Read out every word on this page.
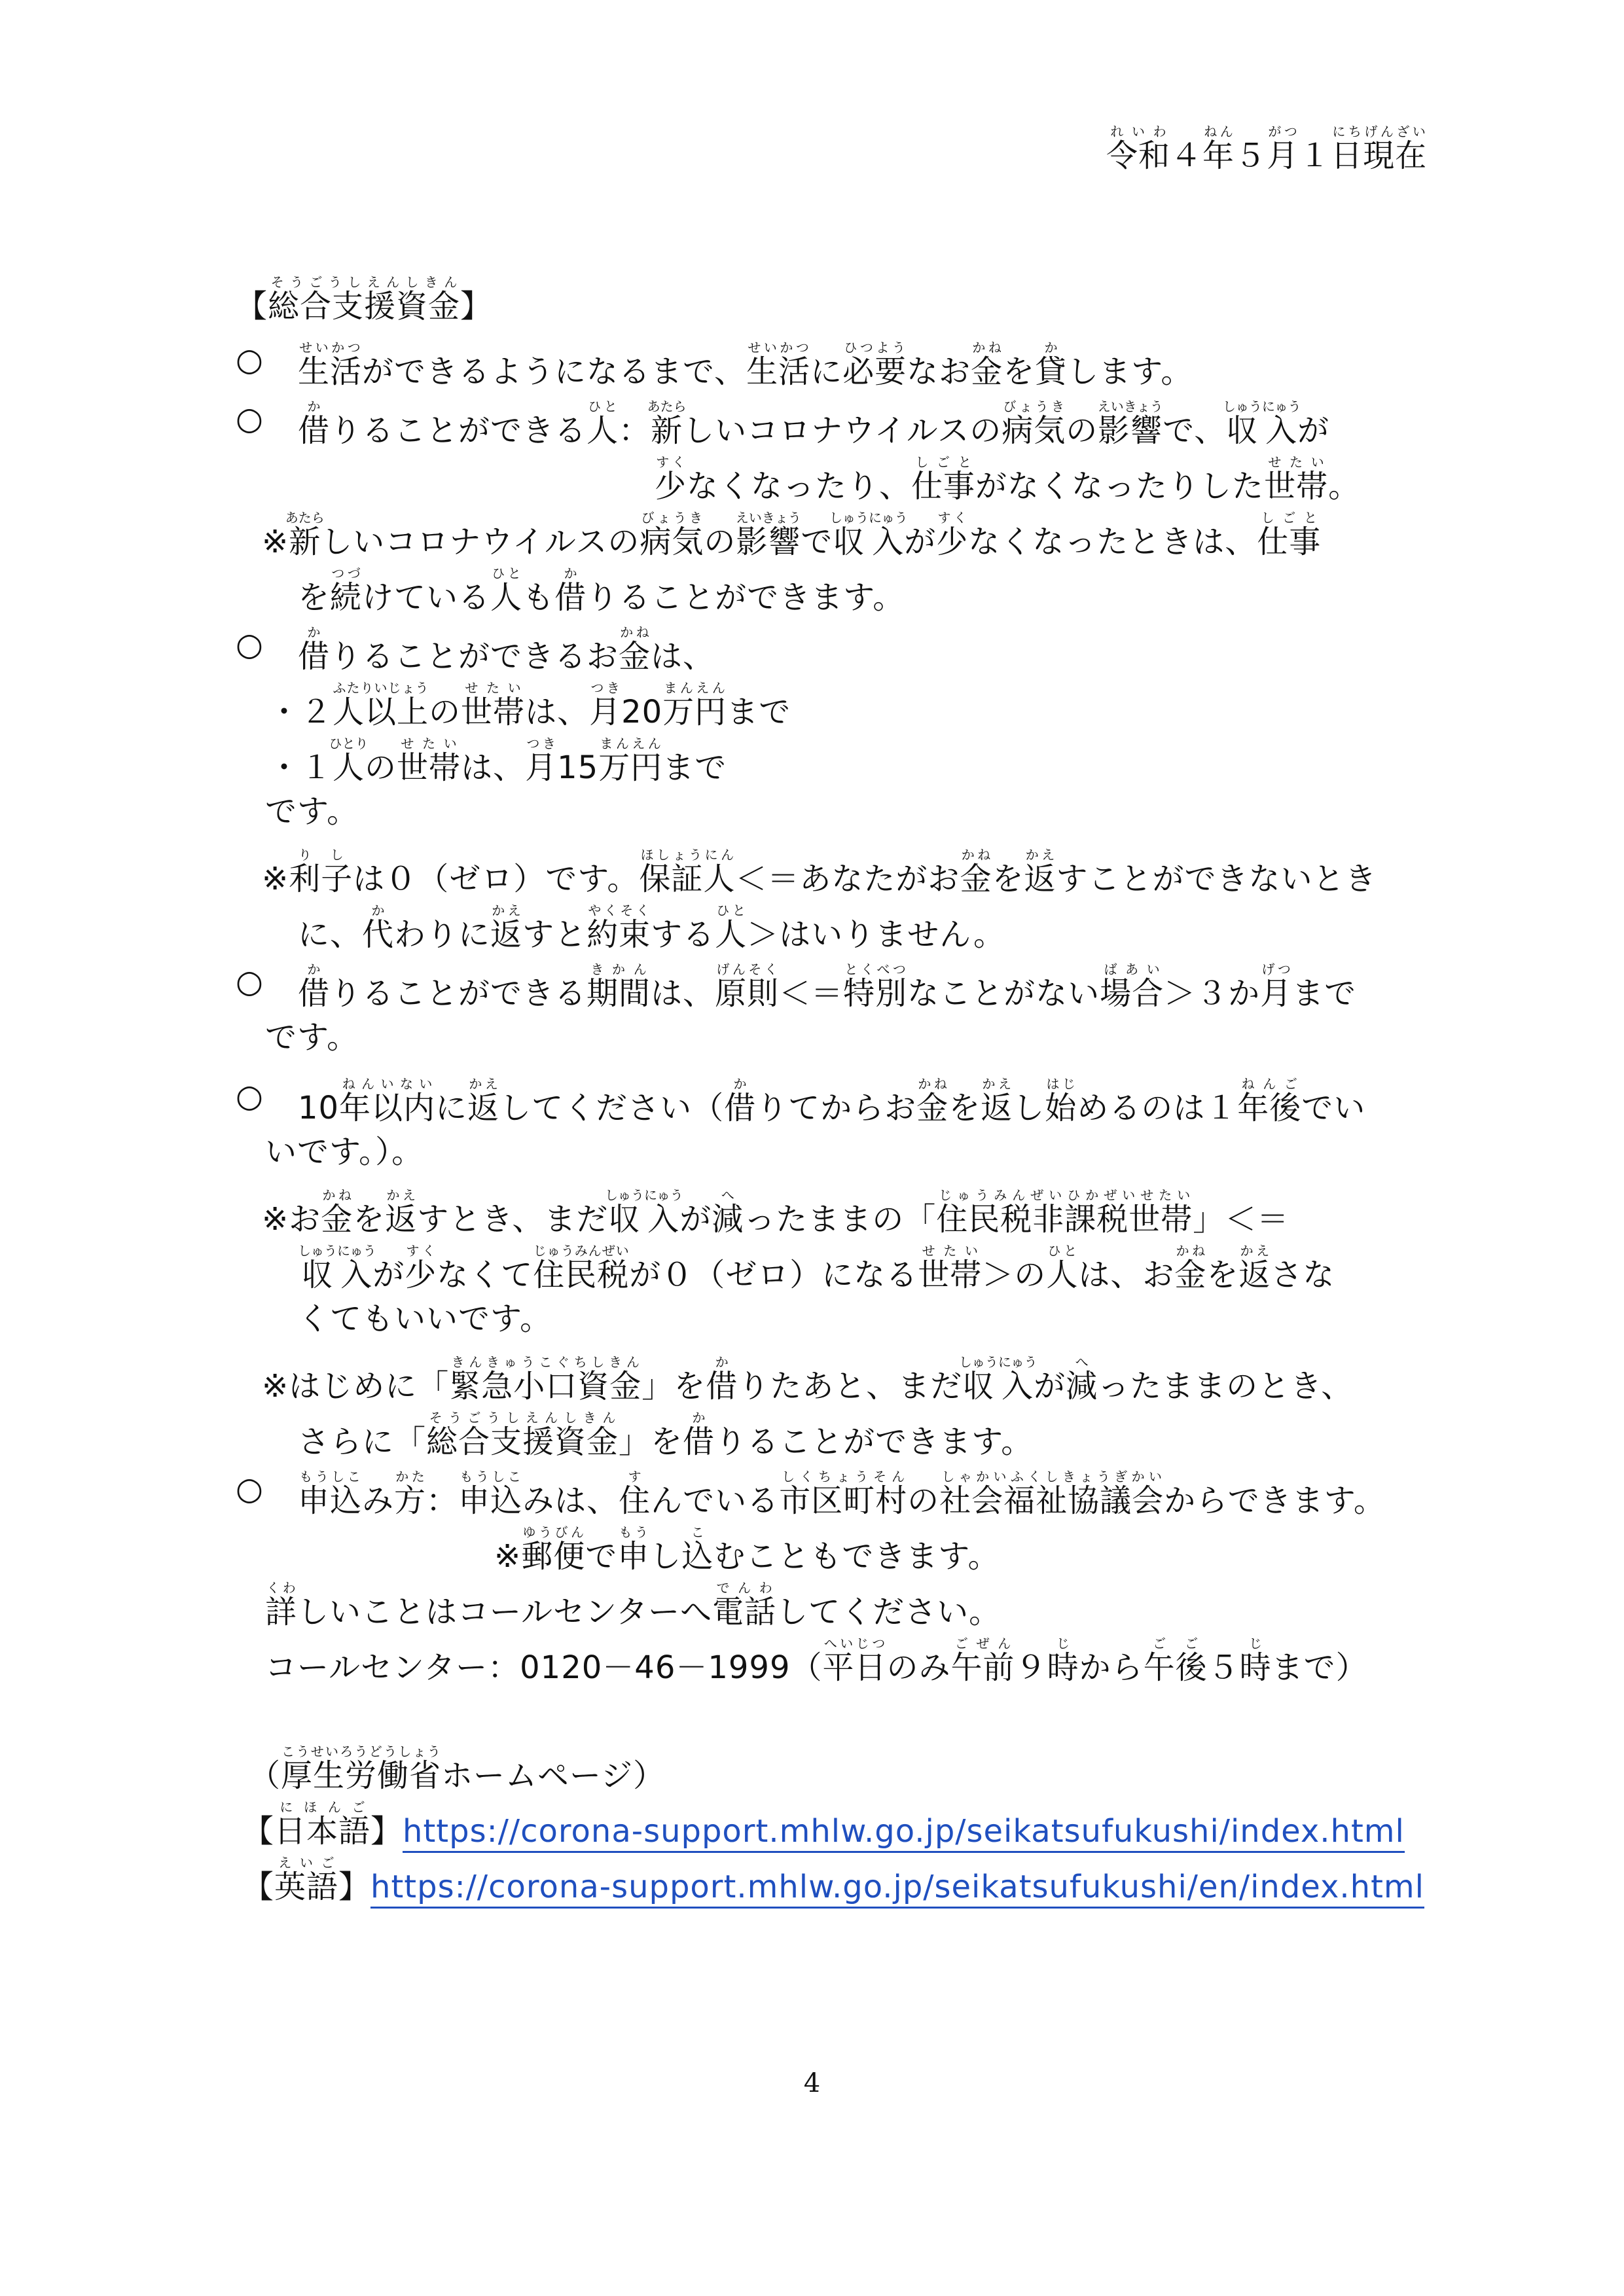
令和れいわ４年ねん５月がつ１日現在にちげんざい
【総合支援資金そうごうしえんしきん】
○ 生活せいかつができるようになるまで、生活せいかつに必要ひつようなお金かねを貸かします。
○ 借かりることができる人ひと：新あたらしいコロナウイルスの病気びょうきの影響えいきょうで、収入しゅうにゅうが
少すくなくなったり、仕事しごとがなくなったりした世帯せたい。
※新あたらしいコロナウイルスの病気びょうきの影響えいきょうで収入しゅうにゅうが少すくなくなったときは、仕事しごと
を続つづけている人ひとも借かりることができます。
○ 借かりることができるお金かねは、
・２人以上ふたりいじょうの世帯せたいは、月つき20万円まんえんまで
・１人ひとりの世帯せたいは、月つき15万円まんえんまで
です。
※利子りしは０（ゼロ）です。保証人ほしょうにん＜＝あなたがお金かねを返かえすことができないとき
に、代かわりに返かえすと約束やくそくする人ひと＞はいりません。
○ 借かりることができる期間きかんは、原則げんそく＜＝特別とくべつなことがない場合ばあい＞３か月げつまで
です。
○ 10年以内ねんいないに返かえしてください（借かりてからお金かねを返かえし始はじめるのは１年後ねんごでい
いです。）。
※お金かねを返かえすとき、まだ収入しゅうにゅうが減へったままの「住民税非課税世帯じゅうみんぜいひかぜいせたい」＜＝
収入しゅうにゅうが少すくなくて住民税じゅうみんぜいが０（ゼロ）になる世帯せたい＞の人ひとは、お金かねを返かえさな
くてもいいです。
※はじめに「緊急小口資金きんきゅうこぐちしきん」を借かりたあと、まだ収入しゅうにゅうが減へったままのとき、
さらに「総合支援資金そうごうしえんしきん」を借かりることができます。
○ 申込もうしこみ方かた：申込もうしこみは、住すんでいる市区町村しくちょうそんの社会福祉協議会しゃかいふくしきょうぎかいからできます。
※郵便ゆうびんで申もうし込こむこともできます。
詳くわしいことはコールセンターへ電話でんわしてください。
コールセンター：0120－46－1999（平日へいじつのみ午前ごぜん９時じから午後ごご５時じまで）
（厚生労働省こうせいろうどうしょうホームページ）
【日本語にほんご】https://corona-support.mhlw.go.jp/seikatsufukushi/index.html
【英語えいご】https://corona-support.mhlw.go.jp/seikatsufukushi/en/index.html
4
